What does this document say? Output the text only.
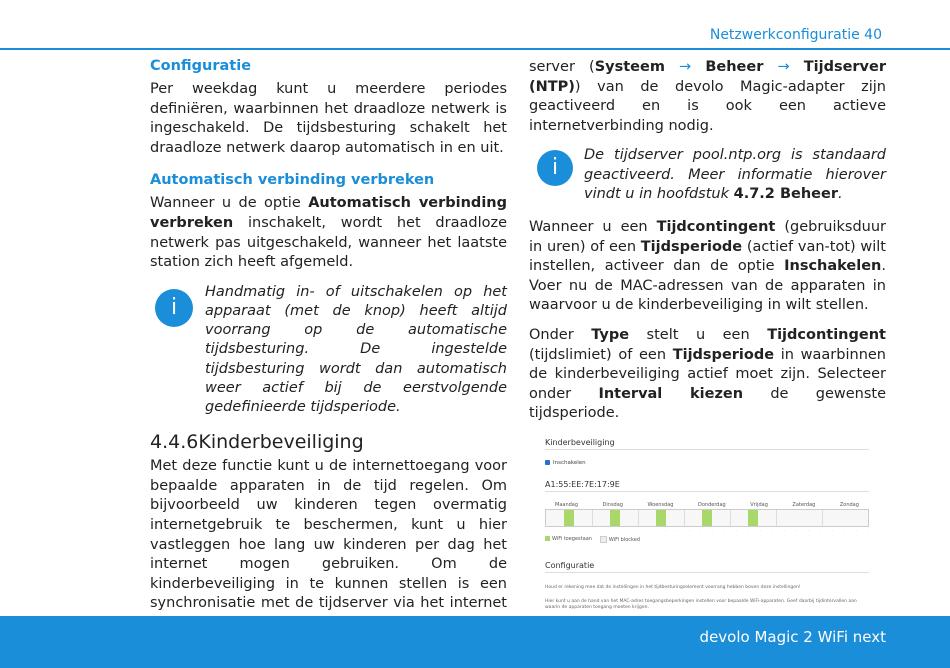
Netzwerkconfiguratie 40
Configuratie

Per weekdag kunt u meerdere periodes definiëren, waarbinnen het draadloze netwerk is ingeschakeld. De tijdsbesturing schakelt het draadloze netwerk daarop automatisch in en uit.

Automatisch verbinding verbreken

Wanneer u de optie Automatisch verbinding verbreken inschakelt, wordt het draadloze netwerk pas uitgeschakeld, wanneer het laatste station zich heeft afgemeld.

i
Handmatig in- of uitschakelen op het apparaat (met de knop) heeft altijd voorrang op de automatische tijdsbesturing. De ingestelde tijdsbesturing wordt dan automatisch weer actief bij de eerstvolgende gedefinieerde tijdsperiode.
4.4.6Kinderbeveiliging

Met deze functie kunt u de internettoegang voor bepaalde apparaten in de tijd regelen. Om bijvoorbeeld uw kinderen tegen overmatig internetgebruik te beschermen, kunt u hier vastleggen hoe lang uw kinderen per dag het internet mogen gebruiken. Om de kinderbeveiliging in te kunnen stellen is een synchronisatie met de tijdserver via het internet

server (Systeem → Beheer → Tijdserver (NTP)) van de devolo Magic-adapter zijn geactiveerd en is ook een actieve internetverbinding nodig.

i	De tijdserver pool.ntp.org is standaard geactiveerd. Meer informatie hierover vindt u in hoofdstuk 4.7.2 Beheer.

Wanneer u een Tijdcontingent (gebruiksduur in uren) of een Tijdsperiode (actief van-tot) wilt instellen, activeer dan de optie Inschakelen. Voer nu de MAC-adressen van de apparaten in waarvoor u de kinderbeveiliging in wilt stellen.

Onder Type stelt u een Tijdcontingent (tijdslimiet) of een Tijdsperiode in waarbinnen de kinderbeveiliging actief moet zijn. Selecteer onder Interval kiezen de gewenste tijdsperiode.

Kinderbeveiliging
Inschakelen
A1:55:EE:7E:17:9E
Maandag	Dinsdag	Woensdag	Donderdag	Vrijdag	Zaterdag	Zondag
·	·	·	·	·	·	·	·	·	·	·	·	·	·	·	·	·	·	·	·	·	·	·	·	·	·	·	·
WiFi toegestaan	WiFi blocked
Configuratie
Houd er rekening mee dat de instellingen in het tijdbesturingselement voorrang hebben boven deze instellingen!
Hier kunt u aan de hand van het MAC-adres toegangsbeperkingen instellen voor bepaalde WiFi-apparaten. Geef daarbij tijdintervallen aan waarin de apparaten toegang moeten krijgen.
devolo Magic 2 WiFi next
